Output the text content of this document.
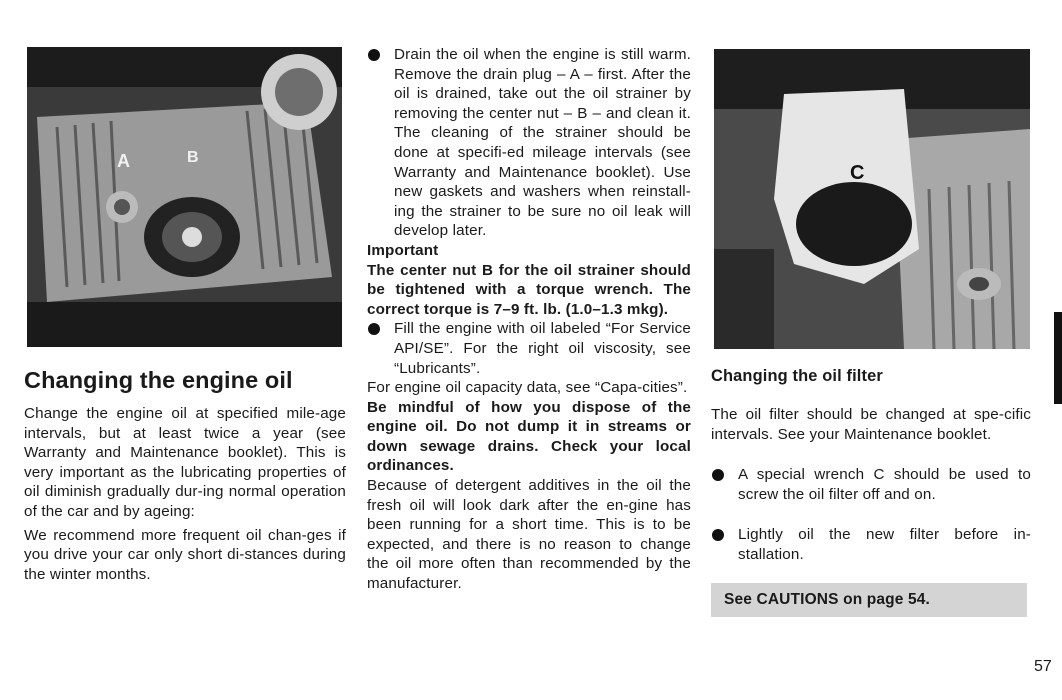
A	B
C
Changing the engine oil

Change the engine oil at specified mile-age intervals, but at least twice a year (see Warranty and Maintenance booklet). This is very important as the lubricating properties of oil diminish gradually dur-ing normal operation of the car and by ageing:

We recommend more frequent oil chan-ges if you drive your car only short di-stances during the winter months.

Drain the oil when the engine is still warm. Remove the drain plug – A – first. After the oil is drained, take out the oil strainer by removing the center nut – B – and clean it. The cleaning of the strainer should be done at specifi-ed mileage intervals (see Warranty and Maintenance booklet). Use new gaskets and washers when reinstall-ing the strainer to be sure no oil leak will develop later.

Important

The center nut B for the oil strainer should be tightened with a torque wrench. The correct torque is 7–9 ft. lb. (1.0–1.3 mkg).

Fill the engine with oil labeled “For Service API/SE”. For the right oil viscosity, see “Lubricants”.

For engine oil capacity data, see “Capa-cities”.

Be mindful of how you dispose of the engine oil. Do not dump it in streams or down sewage drains. Check your local ordinances.

Because of detergent additives in the oil the fresh oil will look dark after the en-gine has been running for a short time. This is to be expected, and there is no reason to change the oil more often than recommended by the manufacturer.

Changing the oil filter

The oil filter should be changed at spe-cific intervals. See your Maintenance booklet.

A special wrench C should be used to screw the oil filter off and on.
Lightly oil the new filter before in-stallation.
See CAUTIONS on page 54.
57
